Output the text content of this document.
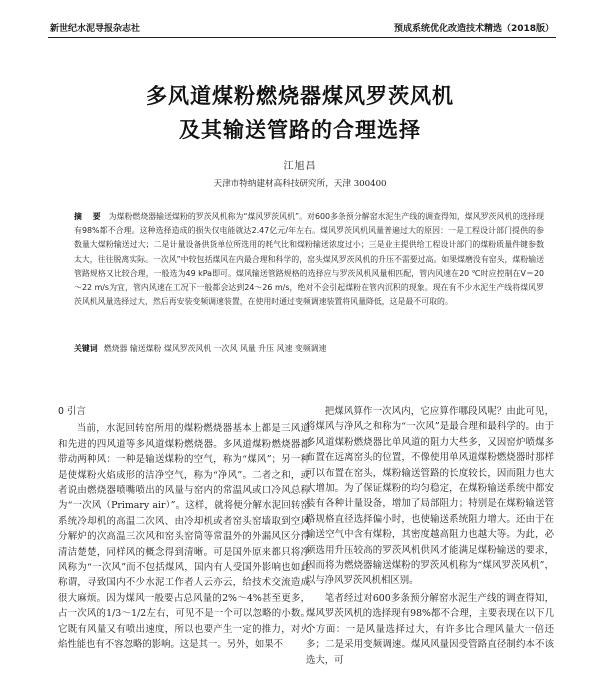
新世纪水泥导报杂志社	预成系统优化改造技术精选（2018版）
多风道煤粉燃烧器煤风罗茨风机
及其输送管路的合理选择
江旭昌
天津市特纳建材高科技研究所，天津 300400
摘 要 为煤粉燃烧器输送煤粉的罗茨风机称为“煤风罗茨风机”。对600多条预分解窑水泥生产线的调查得知，煤风罗茨风机的选择现有98%都不合理。这种选择造成的损失仅电能就达2.47亿元/年左右。煤风罗茨风机风量普遍过大的原因：一是工程设计部门提供的参数量大煤粉输送过大；二是计量设备供货单位所选用的耗气比和煤粉输送浓度过小；三是业主提供给工程设计部门的煤粉质量件键参数太大，往往脱离实际。一次风”中较包括煤风在内最合理和科学的，窑头煤风罗茨风机的升压不需要过高。如果煤磨没有窑头，煤粉输送管路规格又比较合理，一般选为49 kPa即可。煤风输送管路规格的选择应与罗茨风机风量相匹配，管内风速在20 ℃时应控制在V＝20～22 m/s为宜，管内风速在工况下一般都会达到24～26 m/s，绝对不会引起煤粉在管内沉积的现象。现在有不少水泥生产线将煤风罗茨风机风量选择过大，然后再安装变频调速装置，在使用时通过变频调速装置将风量降低，这是最不可取的。
关键词 燃烧器 输送煤粉 煤风罗茨风机 一次风 风量 升压 风速 变频调速
0 引言

当前，水泥回转窑所用的煤粉燃烧器基本上都是三风道和先进的四风道等多风道煤粉燃烧器。多风道煤粉燃烧器都带动两种风：一种是输送煤粉的空气，称为“煤风”；另一种是使煤粉火焰成形的洁净空气，称为“净风”。二者之和，或者说由燃烧器喷嘴喷出的风量与窑内的常温风或口冷风总称为“一次风（Primary air）”。这样，就将便分解水泥回转窑系统冷却机的高温二次风、由冷却机或者窑头窑墙取到空风分解炉的次高温三次风和窑头窑筒等常温外的外漏风区分得清洁楚楚，同样风的概念得到清晰。可是国外原来都只将净风称为“一次风”而不包括煤风，国内有人受国外影响也如此称谓，寻致国内不少水泥工作者人云亦云，给技术交流造成很大麻烦。因为煤风一般要占总风量的2%～4%甚至更多，占一次风的1/3～1/2左右，可见不是一个可以忽略的小数。它既有风量又有喷出速度，所以也要产生一定的推力，对火焰性能也有不容忽略的影响。这是其一。另外，如果不

把煤风算作一次风内，它应算作哪段风呢？由此可见，将煤风与净风之和称为“一次风”是最合理和最科学的。由于多风道煤粉燃烧器比单风道的阻力大些多，又因窑炉喷煤多布置在远离窑头的位置，不像使用单风道煤粉燃烧器时那样可以布置在窑头，煤粉输送管路的长度较长，因而阻力也大大增加。为了保证煤粉的均匀稳定，在煤粉输送系统中都安装有各种计量设备，增加了局部阻力；特别是在煤粉输送管路规格直径选择偏小时，也使输送系统阻力增大。还由于在输送空气中含有煤粉，其密度越高阻力也越大等。为此，必须选用升压较高的罗茨风机供风才能满足煤粉输送的要求，因而将为燃烧器输送煤粉的罗茨风机称为“煤风罗茨风机”，以与净风罗茨风机相区别。

笔者经过对600多条预分解窑水泥生产线的调查得知，煤风罗茨风机的选择现有98%都不合理，主要表现在以下几个方面：一是风量选择过大，有许多比合理风量大一倍还多；二是采用变频调速。煤风风量因受管路直径制约本不该选大，可
